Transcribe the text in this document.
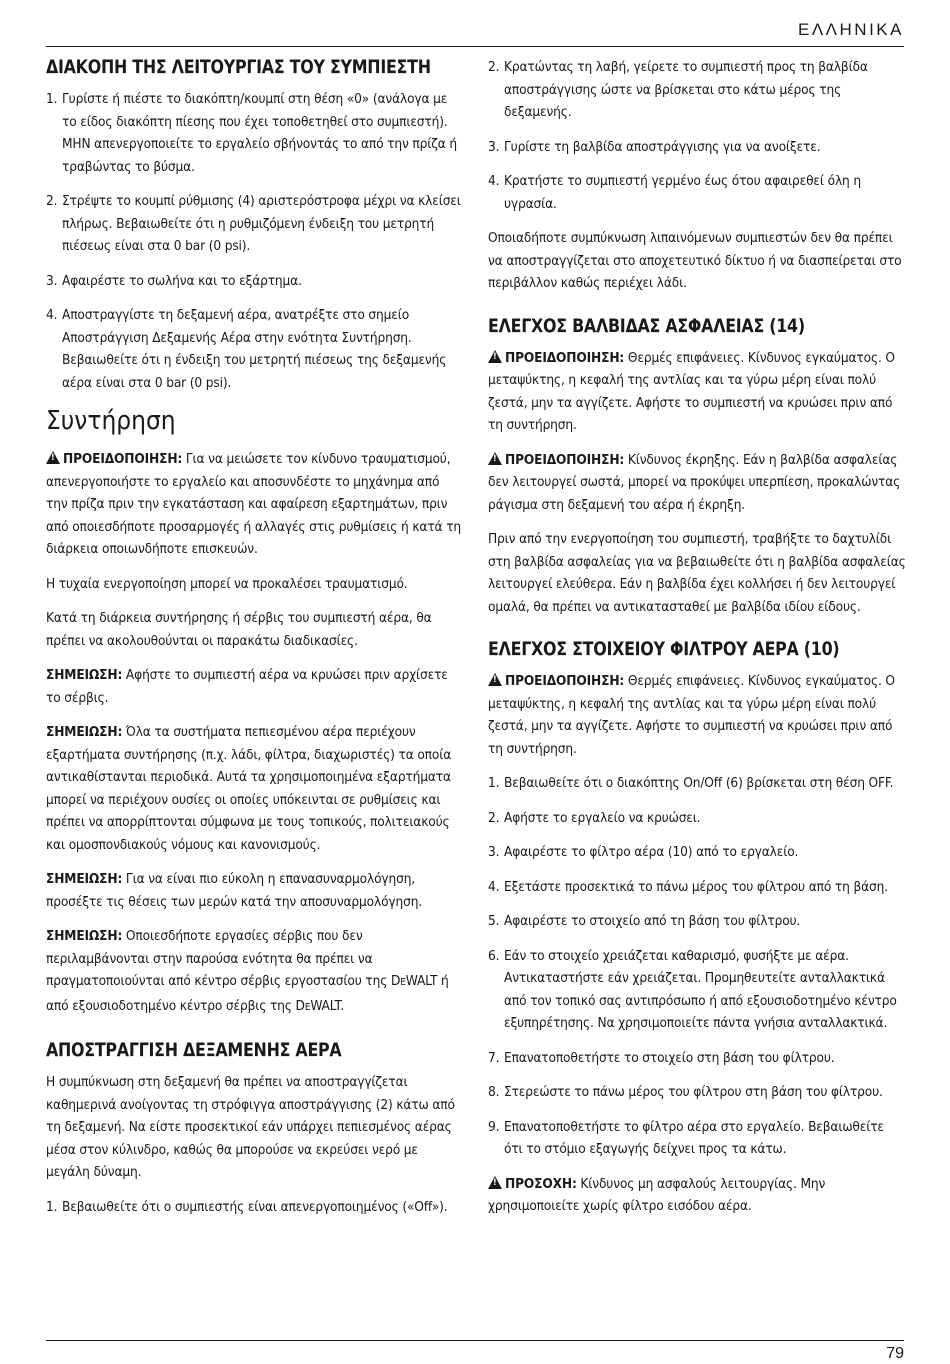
ΕΛΛΗΝΙΚΑ
ΔΙΑΚΟΠΗ ΤΗΣ ΛΕΙΤΟΥΡΓΙΑΣ ΤΟΥ ΣΥΜΠΙΕΣΤΗ
1. Γυρίστε ή πιέστε το διακόπτη/κουμπί στη θέση «0» (ανάλογα με το είδος διακόπτη πίεσης που έχει τοποθετηθεί στο συμπιεστή). ΜΗΝ απενεργοποιείτε το εργαλείο σβήνοντάς το από την πρίζα ή τραβώντας το βύσμα.
2. Στρέψτε το κουμπί ρύθμισης (4) αριστερόστροφα μέχρι να κλείσει πλήρως. Βεβαιωθείτε ότι η ρυθμιζόμενη ένδειξη του μετρητή πιέσεως είναι στα 0 bar (0 psi).
3. Αφαιρέστε το σωλήνα και το εξάρτημα.
4. Αποστραγγίστε τη δεξαμενή αέρα, ανατρέξτε στο σημείο Αποστράγγιση Δεξαμενής Αέρα στην ενότητα Συντήρηση. Βεβαιωθείτε ότι η ένδειξη του μετρητή πιέσεως της δεξαμενής αέρα είναι στα 0 bar (0 psi).
Συντήρηση
!ΠΡΟΕΙΔΟΠΟΙΗΣΗ: Για να μειώσετε τον κίνδυνο τραυματισμού, απενεργοποιήστε το εργαλείο και αποσυνδέστε το μηχάνημα από την πρίζα πριν την εγκατάσταση και αφαίρεση εξαρτημάτων, πριν από οποιεσδήποτε προσαρμογές ή αλλαγές στις ρυθμίσεις ή κατά τη διάρκεια οποιωνδήποτε επισκευών.
Η τυχαία ενεργοποίηση μπορεί να προκαλέσει τραυματισμό.
Κατά τη διάρκεια συντήρησης ή σέρβις του συμπιεστή αέρα, θα πρέπει να ακολουθούνται οι παρακάτω διαδικασίες.
ΣΗΜΕΙΩΣΗ: Αφήστε το συμπιεστή αέρα να κρυώσει πριν αρχίσετε το σέρβις.
ΣΗΜΕΙΩΣΗ: Όλα τα συστήματα πεπιεσμένου αέρα περιέχουν εξαρτήματα συντήρησης (π.χ. λάδι, φίλτρα, διαχωριστές) τα οποία αντικαθίστανται περιοδικά. Αυτά τα χρησιμοποιημένα εξαρτήματα μπορεί να περιέχουν ουσίες οι οποίες υπόκεινται σε ρυθμίσεις και πρέπει να απορρίπτονται σύμφωνα με τους τοπικούς, πολιτειακούς και ομοσπονδιακούς νόμους και κανονισμούς.
ΣΗΜΕΙΩΣΗ: Για να είναι πιο εύκολη η επανασυναρμολόγηση, προσέξτε τις θέσεις των μερών κατά την αποσυναρμολόγηση.
ΣΗΜΕΙΩΣΗ: Οποιεσδήποτε εργασίες σέρβις που δεν περιλαμβάνονται στην παρούσα ενότητα θα πρέπει να πραγματοποιούνται από κέντρο σέρβις εργοστασίου της DEWALT ή από εξουσιοδοτημένο κέντρο σέρβις της DEWALT.
ΑΠΟΣΤΡΑΓΓΙΣΗ ΔΕΞΑΜΕΝΗΣ ΑΕΡΑ
Η συμπύκνωση στη δεξαμενή θα πρέπει να αποστραγγίζεται καθημερινά ανοίγοντας τη στρόφιγγα αποστράγγισης (2) κάτω από τη δεξαμενή. Να είστε προσεκτικοί εάν υπάρχει πεπιεσμένος αέρας μέσα στον κύλινδρο, καθώς θα μπορούσε να εκρεύσει νερό με μεγάλη δύναμη.
1. Βεβαιωθείτε ότι ο συμπιεστής είναι απενεργοποιημένος («Off»).
2. Κρατώντας τη λαβή, γείρετε το συμπιεστή προς τη βαλβίδα αποστράγγισης ώστε να βρίσκεται στο κάτω μέρος της δεξαμενής.
3. Γυρίστε τη βαλβίδα αποστράγγισης για να ανοίξετε.
4. Κρατήστε το συμπιεστή γερμένο έως ότου αφαιρεθεί όλη η υγρασία.
Οποιαδήποτε συμπύκνωση λιπαινόμενων συμπιεστών δεν θα πρέπει να αποστραγγίζεται στο αποχετευτικό δίκτυο ή να διασπείρεται στο περιβάλλον καθώς περιέχει λάδι.
ΕΛΕΓΧΟΣ ΒΑΛΒΙΔΑΣ ΑΣΦΑΛΕΙΑΣ (14)
!ΠΡΟΕΙΔΟΠΟΙΗΣΗ: Θερμές επιφάνειες. Κίνδυνος εγκαύματος. Ο μεταψύκτης, η κεφαλή της αντλίας και τα γύρω μέρη είναι πολύ ζεστά, μην τα αγγίζετε. Αφήστε το συμπιεστή να κρυώσει πριν από τη συντήρηση.
!ΠΡΟΕΙΔΟΠΟΙΗΣΗ: Κίνδυνος έκρηξης. Εάν η βαλβίδα ασφαλείας δεν λειτουργεί σωστά, μπορεί να προκύψει υπερπίεση, προκαλώντας ράγισμα στη δεξαμενή του αέρα ή έκρηξη.
Πριν από την ενεργοποίηση του συμπιεστή, τραβήξτε το δαχτυλίδι στη βαλβίδα ασφαλείας για να βεβαιωθείτε ότι η βαλβίδα ασφαλείας λειτουργεί ελεύθερα. Εάν η βαλβίδα έχει κολλήσει ή δεν λειτουργεί ομαλά, θα πρέπει να αντικατασταθεί με βαλβίδα ιδίου είδους.
ΕΛΕΓΧΟΣ ΣΤΟΙΧΕΙΟΥ ΦΙΛΤΡΟΥ ΑΕΡΑ (10)
!ΠΡΟΕΙΔΟΠΟΙΗΣΗ: Θερμές επιφάνειες. Κίνδυνος εγκαύματος. Ο μεταψύκτης, η κεφαλή της αντλίας και τα γύρω μέρη είναι πολύ ζεστά, μην τα αγγίζετε. Αφήστε το συμπιεστή να κρυώσει πριν από τη συντήρηση.
1. Βεβαιωθείτε ότι ο διακόπτης On/Off (6) βρίσκεται στη θέση OFF.
2. Αφήστε το εργαλείο να κρυώσει.
3. Αφαιρέστε το φίλτρο αέρα (10) από το εργαλείο.
4. Εξετάστε προσεκτικά το πάνω μέρος του φίλτρου από τη βάση.
5. Αφαιρέστε το στοιχείο από τη βάση του φίλτρου.
6. Εάν το στοιχείο χρειάζεται καθαρισμό, φυσήξτε με αέρα. Αντικαταστήστε εάν χρειάζεται. Προμηθευτείτε ανταλλακτικά από τον τοπικό σας αντιπρόσωπο ή από εξουσιοδοτημένο κέντρο εξυπηρέτησης. Να χρησιμοποιείτε πάντα γνήσια ανταλλακτικά.
7. Επανατοποθετήστε το στοιχείο στη βάση του φίλτρου.
8. Στερεώστε το πάνω μέρος του φίλτρου στη βάση του φίλτρου.
9. Επανατοποθετήστε το φίλτρο αέρα στο εργαλείο. Βεβαιωθείτε ότι το στόμιο εξαγωγής δείχνει προς τα κάτω.
!ΠΡΟΣΟΧΗ: Κίνδυνος μη ασφαλούς λειτουργίας. Μην χρησιμοποιείτε χωρίς φίλτρο εισόδου αέρα.
79
